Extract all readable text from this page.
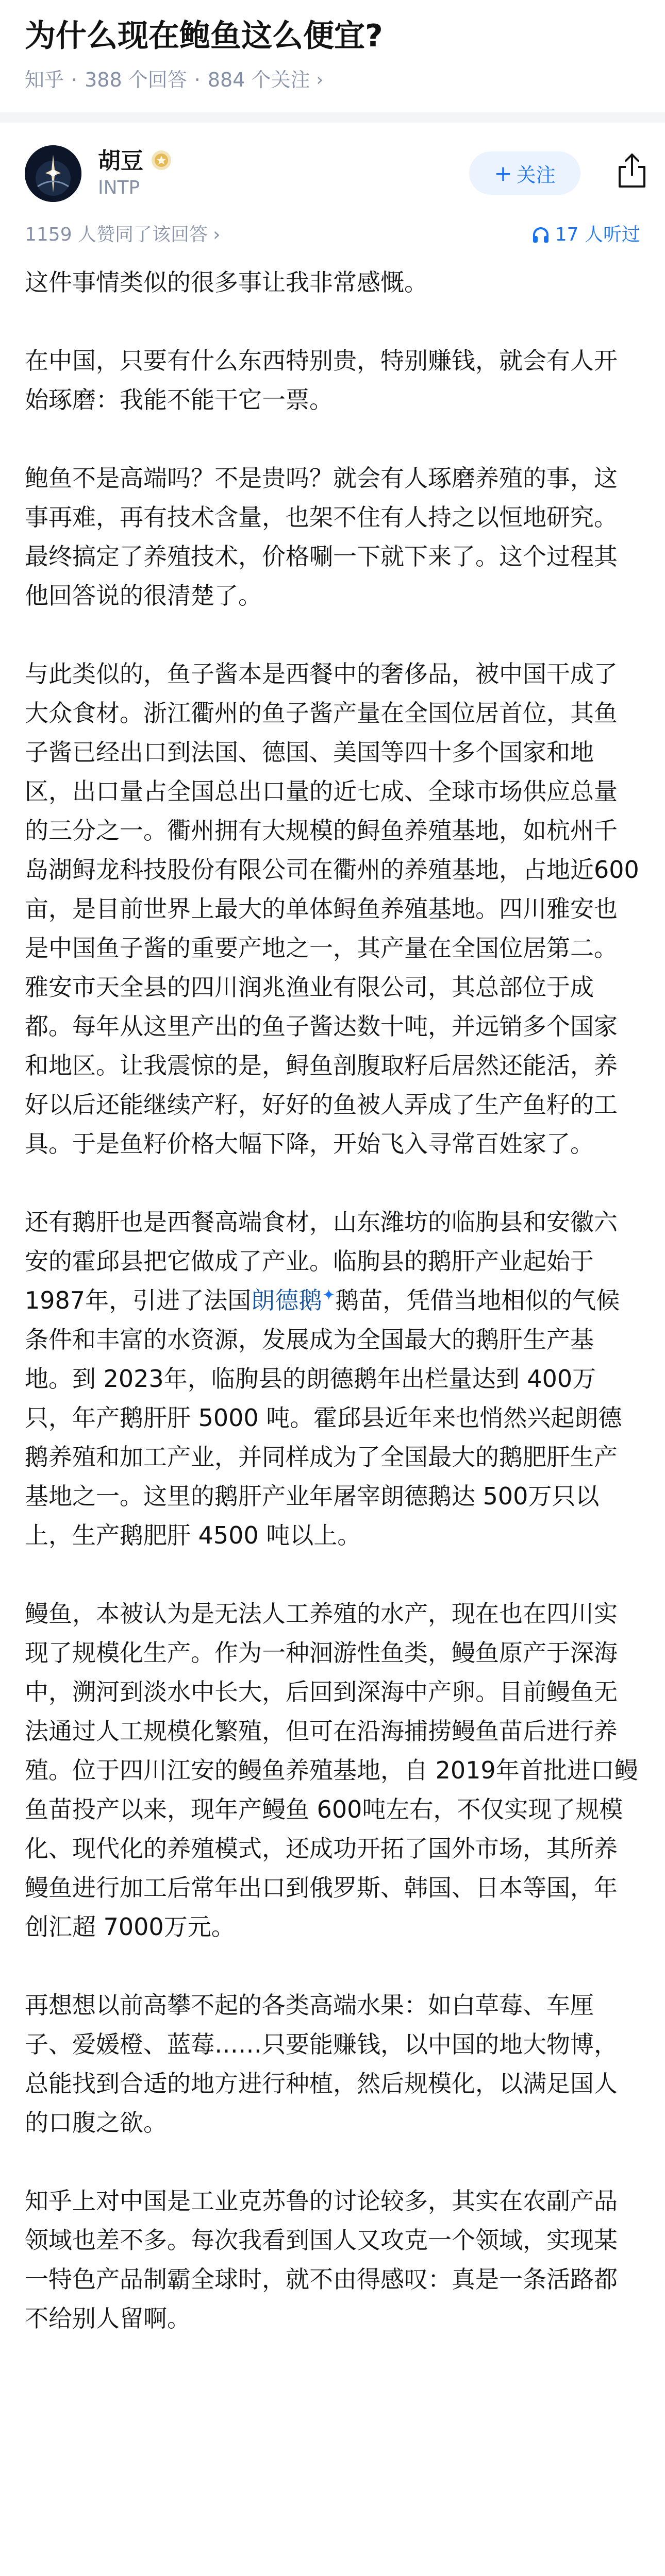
为什么现在鲍鱼这么便宜?
知乎 · 388 个回答 · 884 个关注 ›
胡豆
INTP
+ 关注
1159 人赞同了该回答 ›	17 人听过

这件事情类似的很多事让我非常感慨。

在中国，只要有什么东西特别贵，特别赚钱，就会有人开始琢磨：我能不能干它一票。

鲍鱼不是高端吗？不是贵吗？就会有人琢磨养殖的事，这事再难，再有技术含量，也架不住有人持之以恒地研究。最终搞定了养殖技术，价格唰一下就下来了。这个过程其他回答说的很清楚了。

与此类似的，鱼子酱本是西餐中的奢侈品，被中国干成了大众食材。浙江衢州的鱼子酱产量在全国位居首位，其鱼子酱已经出口到法国、德国、美国等四十多个国家和地区，出口量占全国总出口量的近七成、全球市场供应总量的三分之一。衢州拥有大规模的鲟鱼养殖基地，如杭州千岛湖鲟龙科技股份有限公司在衢州的养殖基地，占地近600亩，是目前世界上最大的单体鲟鱼养殖基地。四川雅安也是中国鱼子酱的重要产地之一，其产量在全国位居第二。雅安市天全县的四川润兆渔业有限公司，其总部位于成都。每年从这里产出的鱼子酱达数十吨，并远销多个国家和地区。让我震惊的是，鲟鱼剖腹取籽后居然还能活，养好以后还能继续产籽，好好的鱼被人弄成了生产鱼籽的工具。于是鱼籽价格大幅下降，开始飞入寻常百姓家了。

还有鹅肝也是西餐高端食材，山东潍坊的临朐县和安徽六安的霍邱县把它做成了产业。临朐县的鹅肝产业起始于1987年，引进了法国朗德鹅✦鹅苗，凭借当地相似的气候条件和丰富的水资源，发展成为全国最大的鹅肝生产基地。到 2023年，临朐县的朗德鹅年出栏量达到 400万只，年产鹅肝肝 5000 吨。霍邱县近年来也悄然兴起朗德鹅养殖和加工产业，并同样成为了全国最大的鹅肥肝生产基地之一。这里的鹅肝产业年屠宰朗德鹅达 500万只以上，生产鹅肥肝 4500 吨以上。

鳗鱼，本被认为是无法人工养殖的水产，现在也在四川实现了规模化生产。作为一种洄游性鱼类，鳗鱼原产于深海中，溯河到淡水中长大，后回到深海中产卵。目前鳗鱼无法通过人工规模化繁殖，但可在沿海捕捞鳗鱼苗后进行养殖。位于四川江安的鳗鱼养殖基地，自 2019年首批进口鳗鱼苗投产以来，现年产鳗鱼 600吨左右，不仅实现了规模化、现代化的养殖模式，还成功开拓了国外市场，其所养鳗鱼进行加工后常年出口到俄罗斯、韩国、日本等国，年创汇超 7000万元。

再想想以前高攀不起的各类高端水果：如白草莓、车厘子、爱媛橙、蓝莓……只要能赚钱，以中国的地大物博，总能找到合适的地方进行种植，然后规模化，以满足国人的口腹之欲。

知乎上对中国是工业克苏鲁的讨论较多，其实在农副产品领域也差不多。每次我看到国人又攻克一个领域，实现某一特色产品制霸全球时，就不由得感叹：真是一条活路都不给别人留啊。
